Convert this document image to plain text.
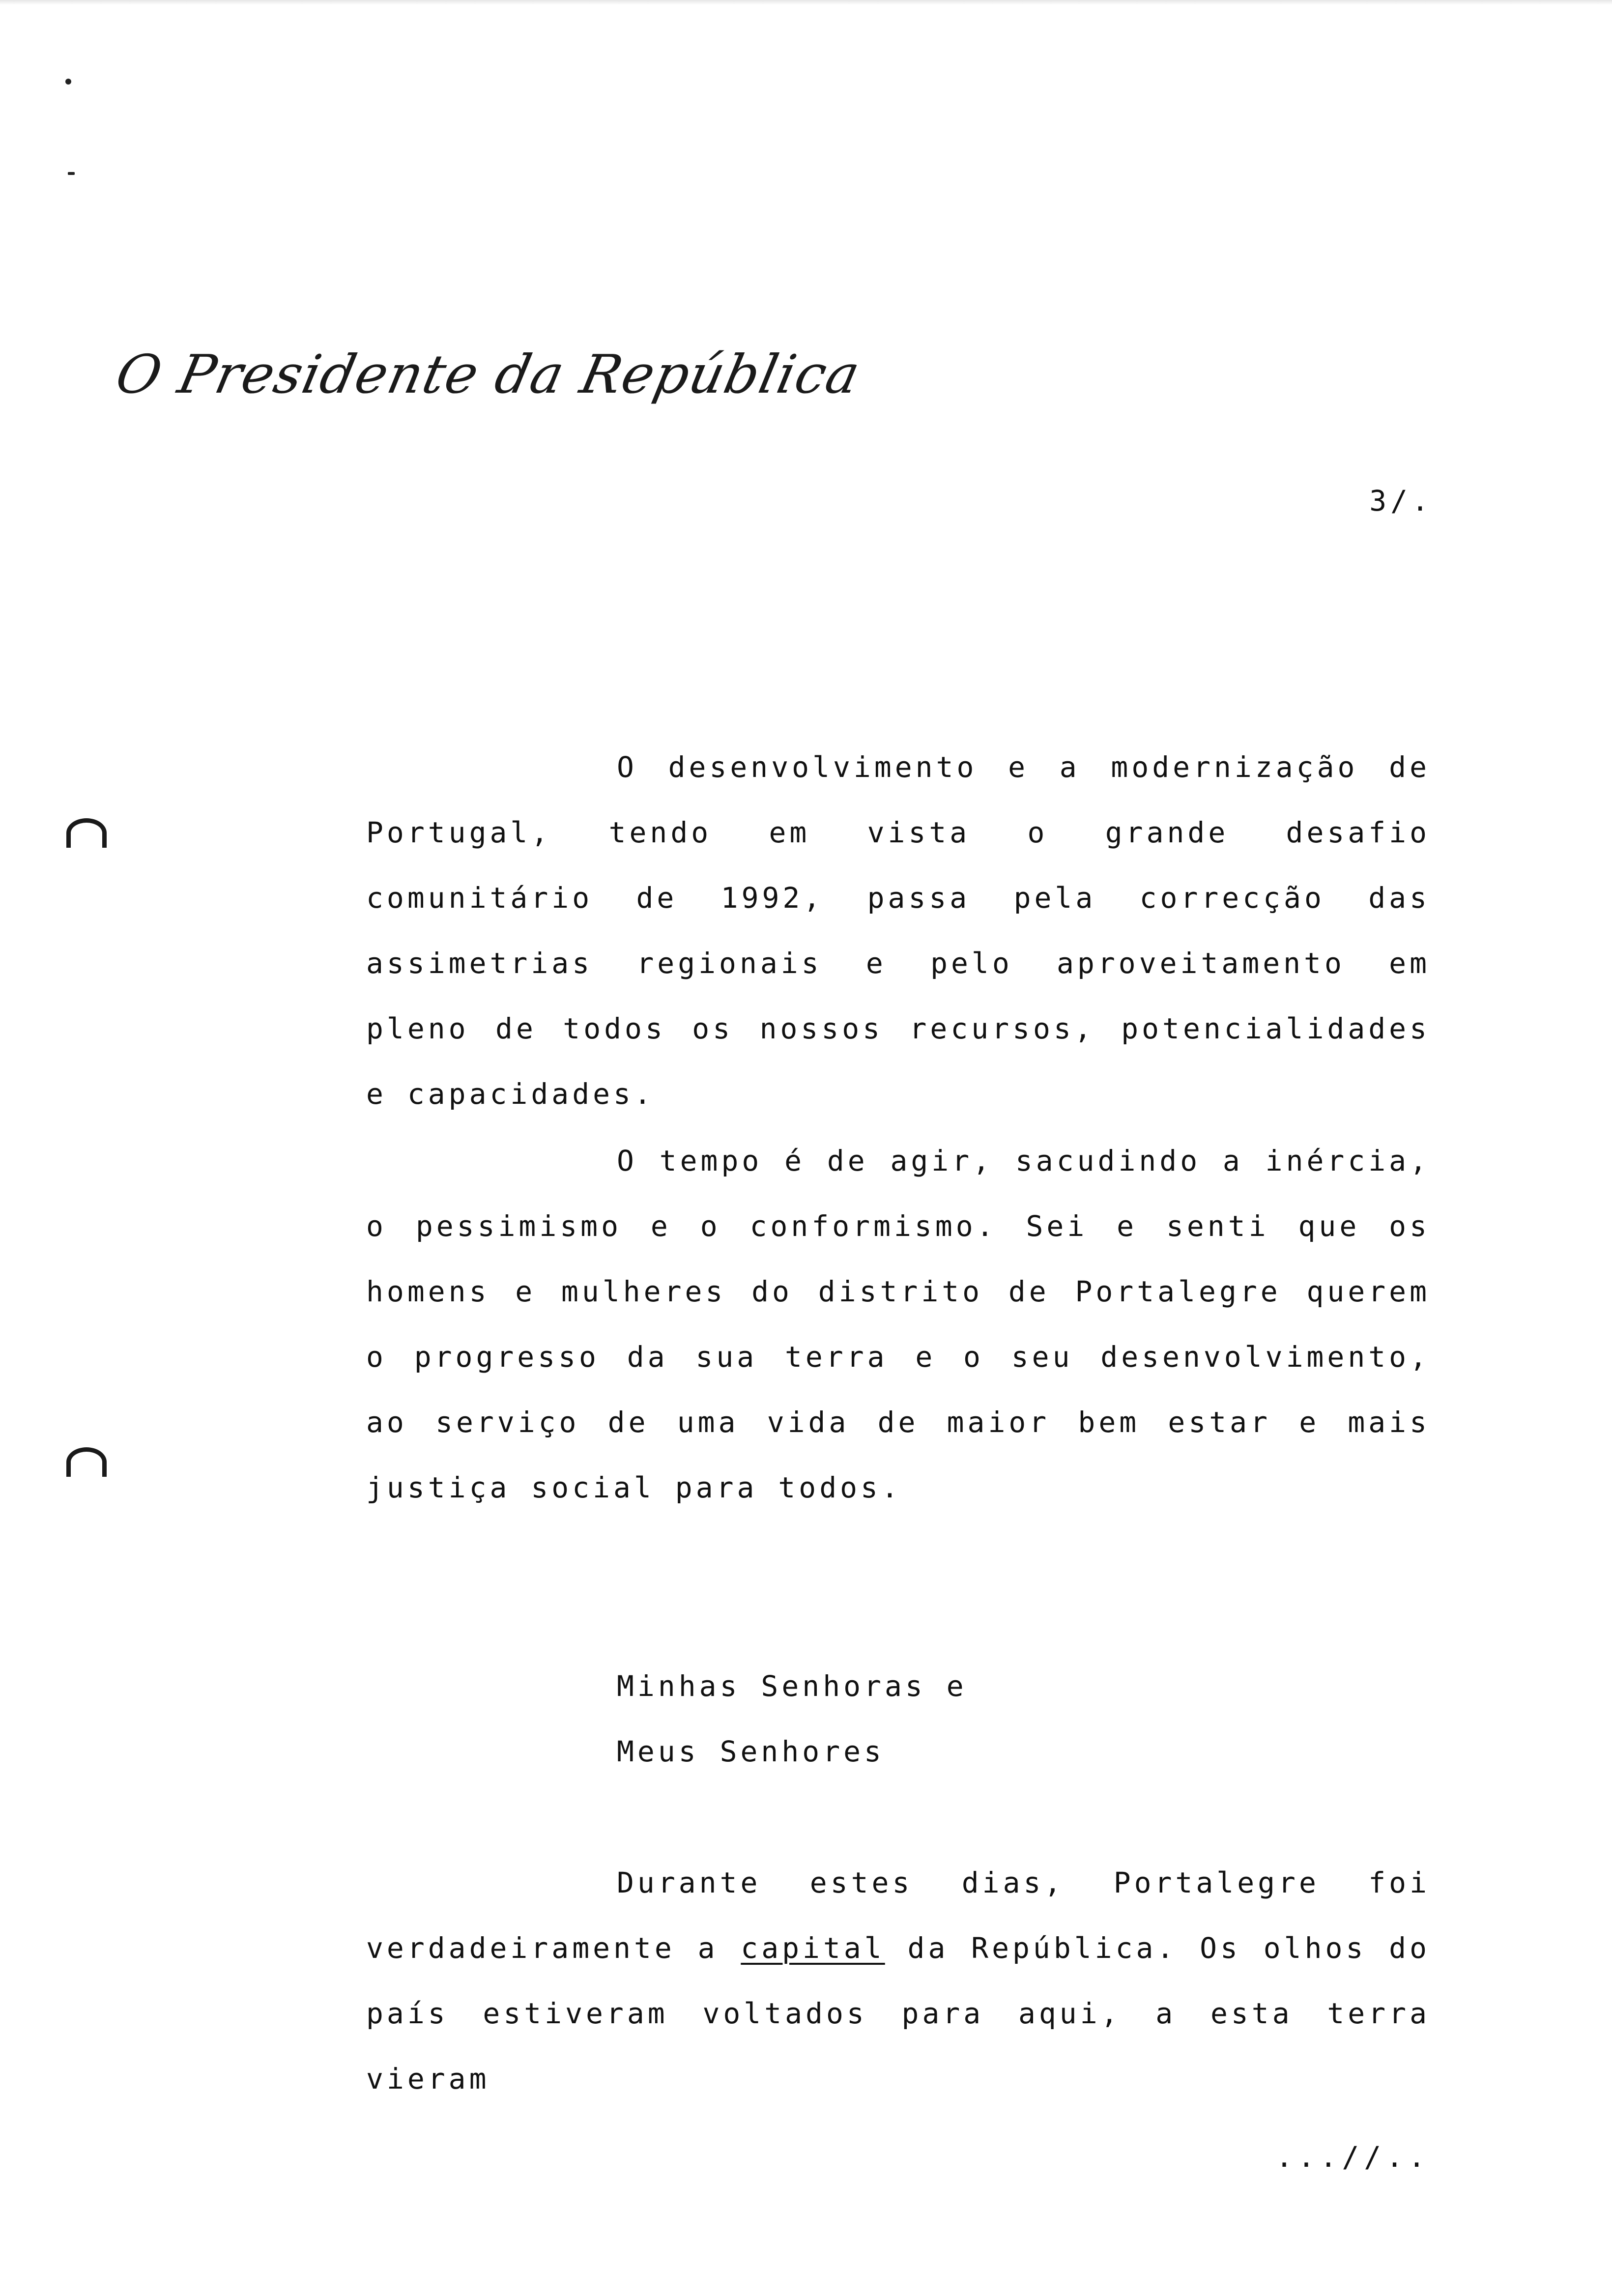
O Presidente da República
3/.

O desenvolvimento e a modernização de Portugal, tendo em vista o grande desafio comunitário de 1992, passa pela correcção das assimetrias regionais e pelo aproveitamento em pleno de todos os nossos recursos, potencialidades e capacidades.

O tempo é de agir, sacudindo a inércia, o pessimismo e o conformismo. Sei e senti que os homens e mulheres do distrito de Portalegre querem o progresso da sua terra e o seu desenvolvimento, ao serviço de uma vida de maior bem estar e mais justiça social para todos.

Minhas Senhoras e
Meus Senhores

Durante estes dias, Portalegre foi verdadeiramente a capital da República. Os olhos do país estiveram voltados para aqui, a esta terra vieram

...//..
